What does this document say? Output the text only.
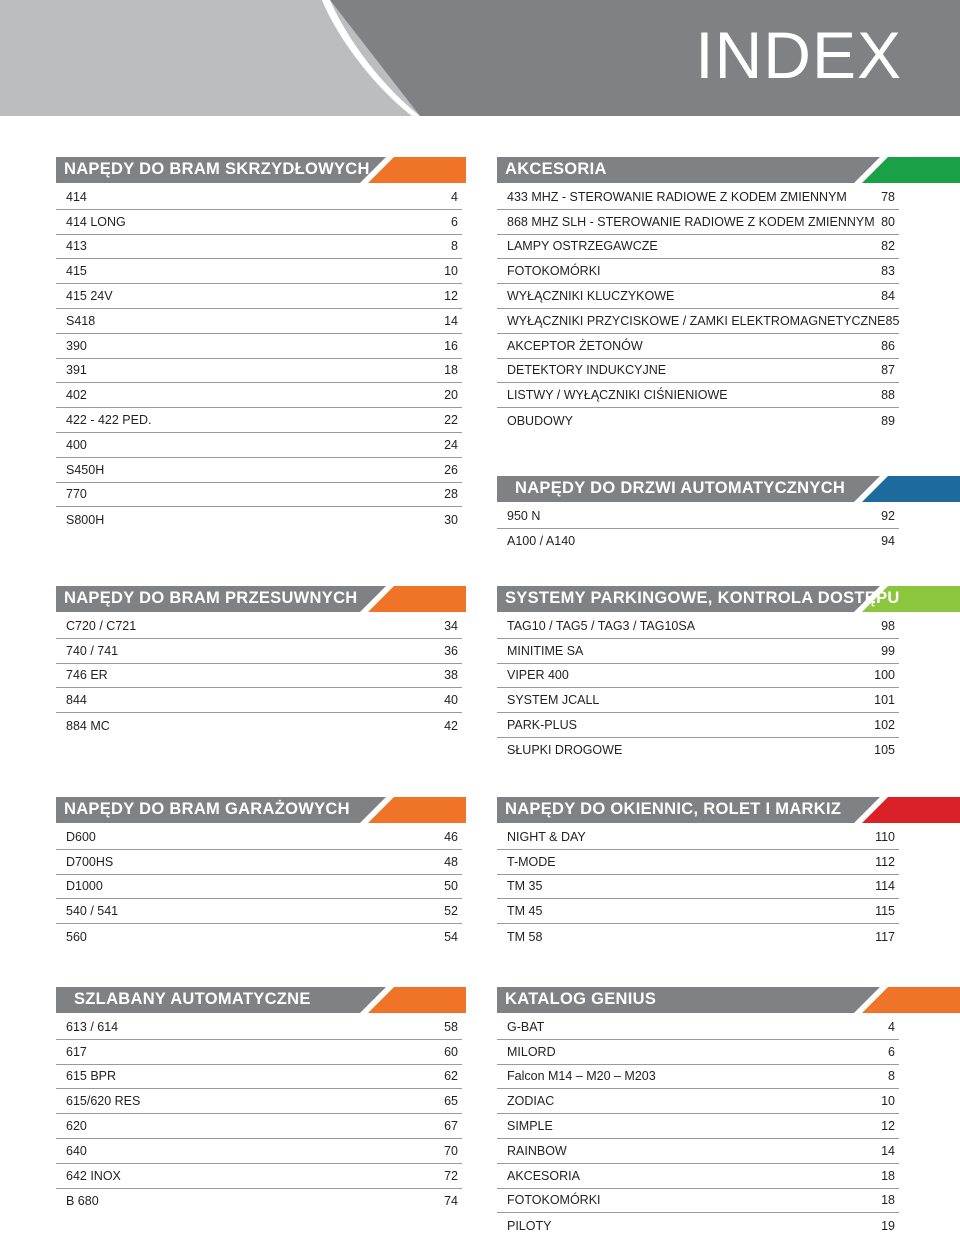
INDEX
NAPĘDY DO BRAM SKRZYDŁOWYCH
414	4
414 LONG	6
413	8
415	10
415 24V	12
S418	14
390	16
391	18
402	20
422 - 422 PED.	22
400	24
S450H	26
770	28
S800H	30
AKCESORIA
433 MHZ - STEROWANIE RADIOWE Z KODEM ZMIENNYM	78
868 MHZ SLH - STEROWANIE RADIOWE Z KODEM ZMIENNYM 80
LAMPY OSTRZEGAWCZE	82
FOTOKOMÓRKI	83
WYŁĄCZNIKI KLUCZYKOWE	84
WYŁĄCZNIKI PRZYCISKOWE / ZAMKI ELEKTROMAGNETYCZNE 85
AKCEPTOR ŻETONÓW	86
DETEKTORY INDUKCYJNE	87
LISTWY / WYŁĄCZNIKI CIŚNIENIOWE	88
OBUDOWY	89
NAPĘDY DO DRZWI AUTOMATYCZNYCH
950 N	92
A100 / A140	94
NAPĘDY DO BRAM PRZESUWNYCH
C720 / C721	34
740 / 741	36
746 ER	38
844	40
884 MC	42
SYSTEMY PARKINGOWE, KONTROLA DOSTĘPU
TAG10 / TAG5 / TAG3 / TAG10SA	98
MINITIME SA	99
VIPER 400	100
SYSTEM JCALL	101
PARK-PLUS	102
SŁUPKI DROGOWE	105
NAPĘDY DO BRAM GARAŻOWYCH
D600	46
D700HS	48
D1000	50
540 / 541	52
560	54
NAPĘDY DO OKIENNIC, ROLET I MARKIZ
NIGHT & DAY	110
T-MODE	112
TM 35	114
TM 45	115
TM 58	117
SZLABANY AUTOMATYCZNE
613 / 614	58
617	60
615 BPR	62
615/620 RES	65
620	67
640	70
642 INOX	72
B 680	74
KATALOG GENIUS
G-BAT	4
MILORD	6
Falcon M14 – M20 – M203	8
ZODIAC	10
SIMPLE	12
RAINBOW	14
AKCESORIA	18
FOTOKOMÓRKI	18
PILOTY	19
